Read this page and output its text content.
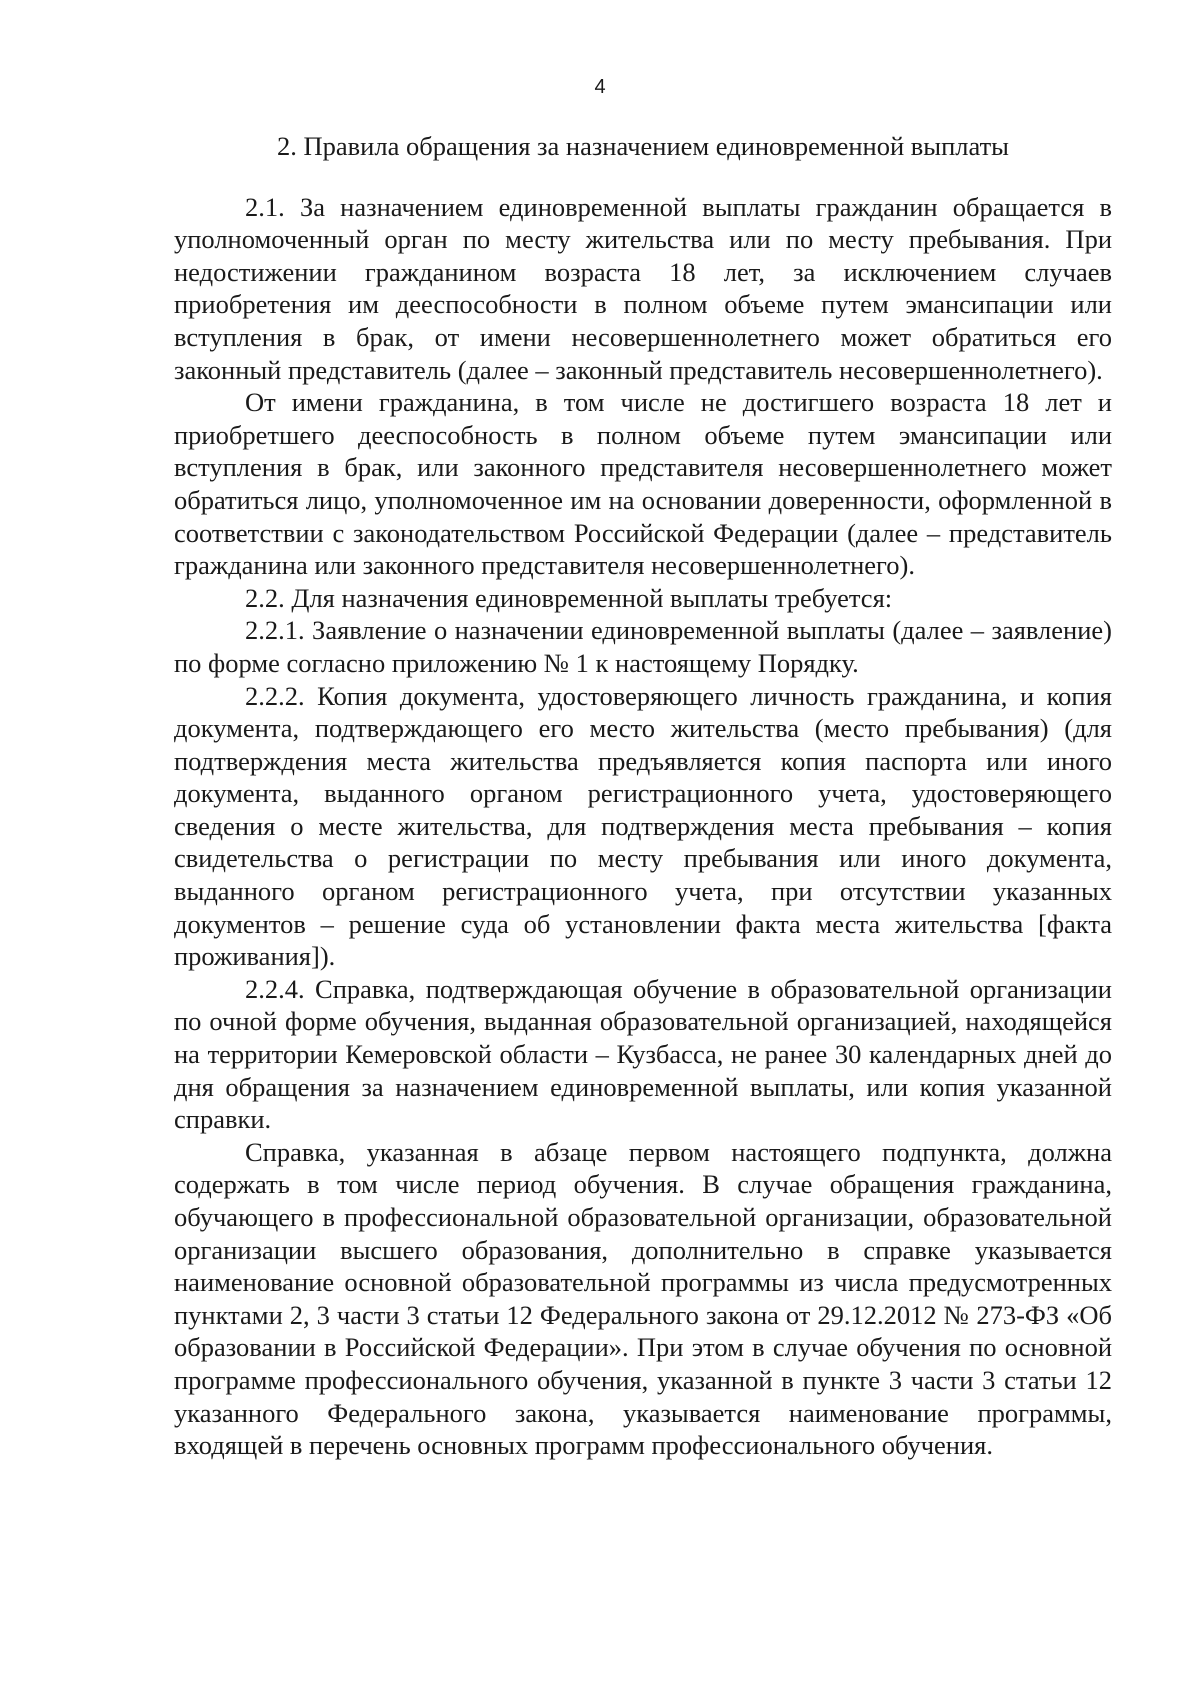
4
2. Правила обращения за назначением единовременной выплаты

2.1. За назначением единовременной выплаты гражданин обращается в уполномоченный орган по месту жительства или по месту пребывания. При недостижении гражданином возраста 18 лет, за исключением случаев приобретения им дееспособности в полном объеме путем эмансипации или вступления в брак, от имени несовершеннолетнего может обратиться его законный представитель (далее – законный представитель несовершеннолетнего).

От имени гражданина, в том числе не достигшего возраста 18 лет и приобретшего дееспособность в полном объеме путем эмансипации или вступления в брак, или законного представителя несовершеннолетнего может обратиться лицо, уполномоченное им на основании доверенности, оформленной в соответствии с законодательством Российской Федерации (далее – представитель гражданина или законного представителя несовершеннолетнего).

2.2. Для назначения единовременной выплаты требуется:

2.2.1. Заявление о назначении единовременной выплаты (далее – заявление) по форме согласно приложению № 1 к настоящему Порядку.

2.2.2. Копия документа, удостоверяющего личность гражданина, и копия документа, подтверждающего его место жительства (место пребывания) (для подтверждения места жительства предъявляется копия паспорта или иного документа, выданного органом регистрационного учета, удостоверяющего сведения о месте жительства, для подтверждения места пребывания – копия свидетельства о регистрации по месту пребывания или иного документа, выданного органом регистрационного учета, при отсутствии указанных документов – решение суда об установлении факта места жительства [факта проживания]).

2.2.4. Справка, подтверждающая обучение в образовательной организации по очной форме обучения, выданная образовательной организацией, находящейся на территории Кемеровской области – Кузбасса, не ранее 30 календарных дней до дня обращения за назначением единовременной выплаты, или копия указанной справки.

Справка, указанная в абзаце первом настоящего подпункта, должна содержать в том числе период обучения. В случае обращения гражданина, обучающего в профессиональной образовательной организации, образовательной организации высшего образования, дополнительно в справке указывается наименование основной образовательной программы из числа предусмотренных пунктами 2, 3 части 3 статьи 12 Федерального закона от 29.12.2012 № 273-ФЗ «Об образовании в Российской Федерации». При этом в случае обучения по основной программе профессионального обучения, указанной в пункте 3 части 3 статьи 12 указанного Федерального закона, указывается наименование программы, входящей в перечень основных программ профессионального обучения.
